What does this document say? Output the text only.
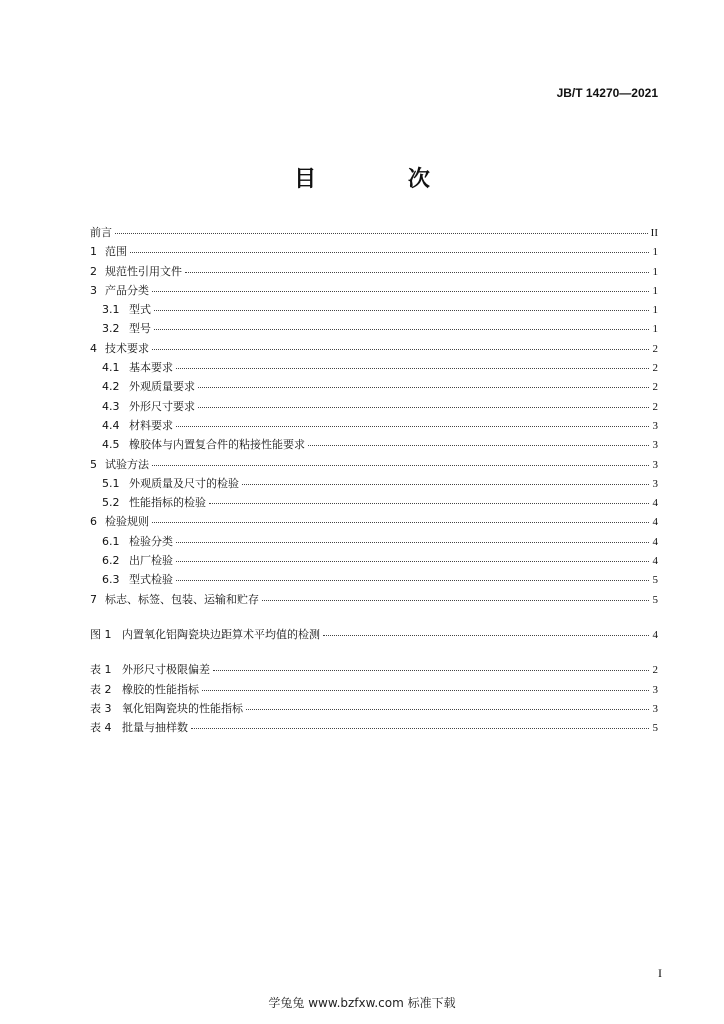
JB/T 14270—2021
目 次
前言	II
1 范围	1
2 规范性引用文件	1
3 产品分类	1
3.1 型式	1
3.2 型号	1
4 技术要求	2
4.1 基本要求	2
4.2 外观质量要求	2
4.3 外形尺寸要求	2
4.4 材料要求	3
4.5 橡胶体与内置复合件的粘接性能要求	3
5 试验方法	3
5.1 外观质量及尺寸的检验	3
5.2 性能指标的检验	4
6 检验规则	4
6.1 检验分类	4
6.2 出厂检验	4
6.3 型式检验	5
7 标志、标签、包装、运输和贮存	5
图 1 内置氧化铝陶瓷块边距算术平均值的检测	4
表 1 外形尺寸极限偏差	2
表 2 橡胶的性能指标	3
表 3 氧化铝陶瓷块的性能指标	3
表 4 批量与抽样数	5
I
学兔兔 www.bzfxw.com 标准下载
